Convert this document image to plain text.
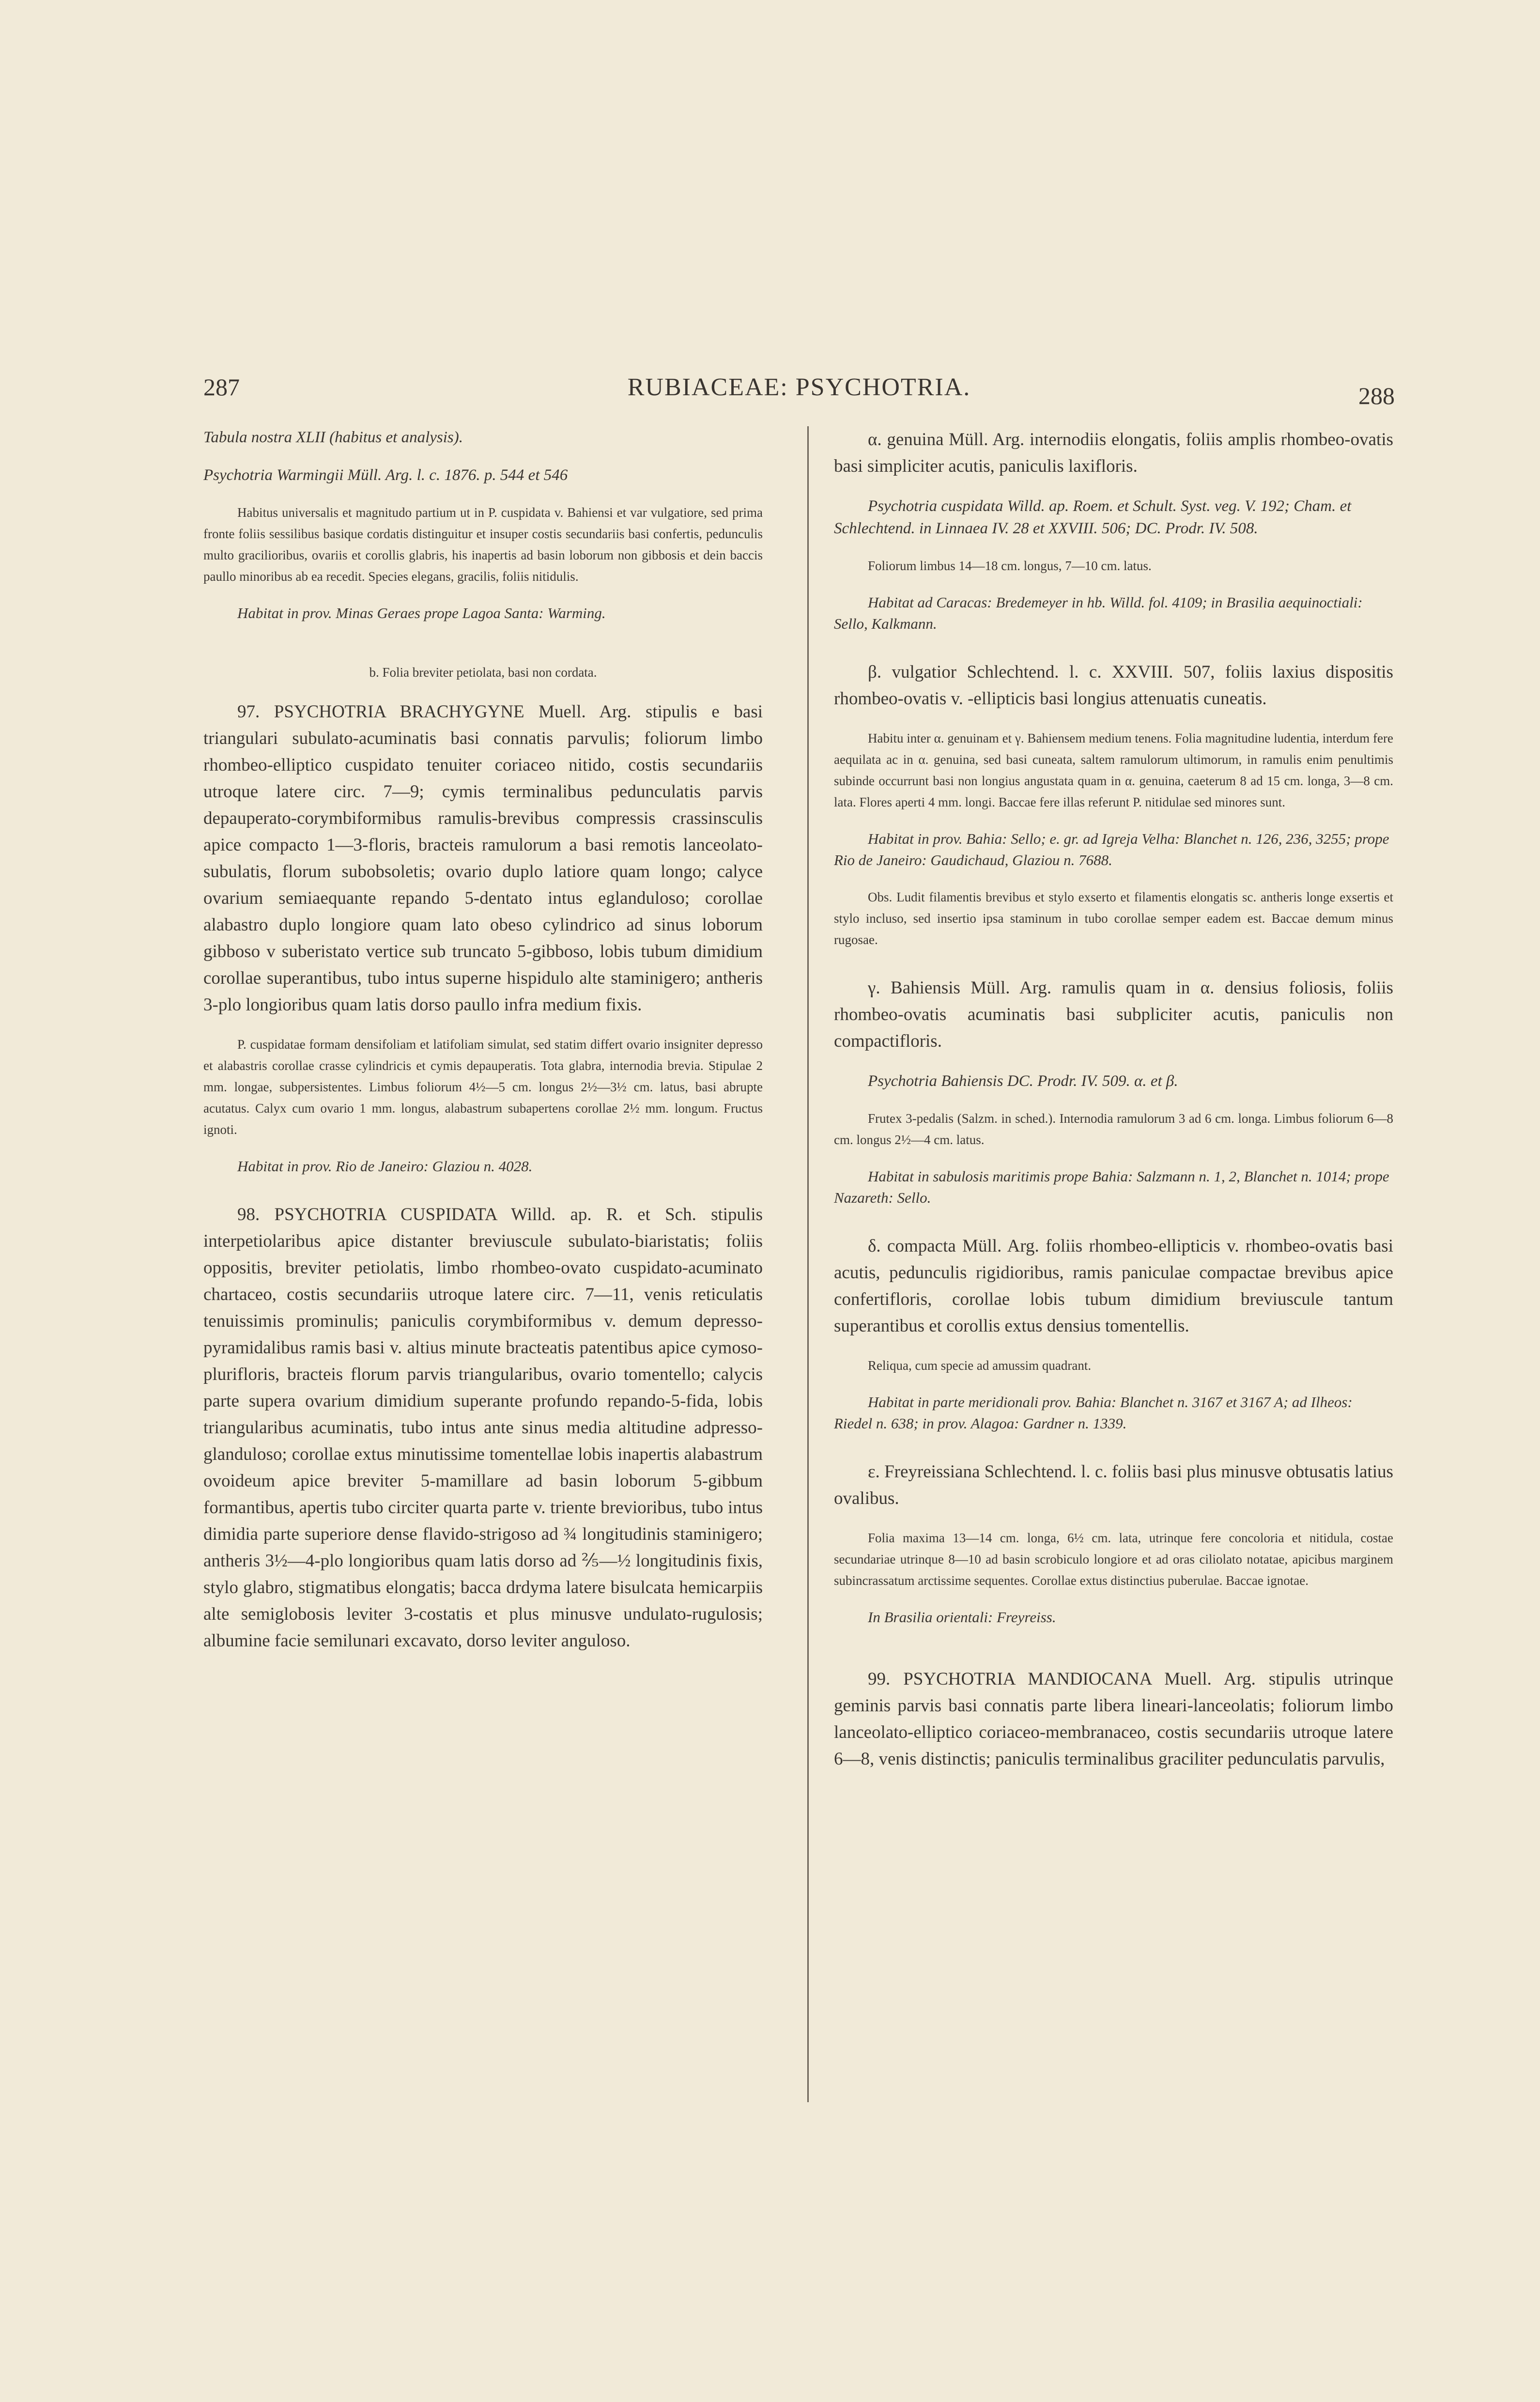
287	RUBIACEAE: PSYCHOTRIA.	288

Tabula nostra XLII (habitus et analysis).

Psychotria Warmingii Müll. Arg. l. c. 1876. p. 544 et 546

Habitus universalis et magnitudo partium ut in P. cuspidata v. Bahiensi et var vulgatiore, sed prima fronte foliis sessilibus basique cordatis distinguitur et insuper costis secundariis basi confertis, pedunculis multo gracilioribus, ovariis et corollis glabris, his inapertis ad basin loborum non gibbosis et dein baccis paullo minoribus ab ea recedit. Species elegans, gracilis, foliis nitidulis.

Habitat in prov. Minas Geraes prope Lagoa Santa: Warming.

b. Folia breviter petiolata, basi non cordata.

97. PSYCHOTRIA BRACHYGYNE Muell. Arg. stipulis e basi triangulari subulato-acuminatis basi connatis parvulis; foliorum limbo rhombeo-elliptico cuspidato tenuiter coriaceo nitido, costis secundariis utroque latere circ. 7—9; cymis terminalibus pedunculatis parvis depauperato-corymbiformibus ramulis-brevibus compressis crassinsculis apice compacto 1—3-floris, bracteis ramulorum a basi remotis lanceolato-subulatis, florum subobsoletis; ovario duplo latiore quam longo; calyce ovarium semiaequante repando 5-dentato intus eglanduloso; corollae alabastro duplo longiore quam lato obeso cylindrico ad sinus loborum gibboso v suberistato vertice sub truncato 5-gibboso, lobis tubum dimidium corollae superantibus, tubo intus superne hispidulo alte staminigero; antheris 3-plo longioribus quam latis dorso paullo infra medium fixis.

P. cuspidatae formam densifoliam et latifoliam simulat, sed statim differt ovario insigniter depresso et alabastris corollae crasse cylindricis et cymis depauperatis. Tota glabra, internodia brevia. Stipulae 2 mm. longae, subpersistentes. Limbus foliorum 4½—5 cm. longus 2½—3½ cm. latus, basi abrupte acutatus. Calyx cum ovario 1 mm. longus, alabastrum subapertens corollae 2½ mm. longum. Fructus ignoti.

Habitat in prov. Rio de Janeiro: Glaziou n. 4028.

98. PSYCHOTRIA CUSPIDATA Willd. ap. R. et Sch. stipulis interpetiolaribus apice distanter breviuscule subulato-biaristatis; foliis oppositis, breviter petiolatis, limbo rhombeo-ovato cuspidato-acuminato chartaceo, costis secundariis utroque latere circ. 7—11, venis reticulatis tenuissimis prominulis; paniculis corymbiformibus v. demum depresso-pyramidalibus ramis basi v. altius minute bracteatis patentibus apice cymoso-plurifloris, bracteis florum parvis triangularibus, ovario tomentello; calycis parte supera ovarium dimidium superante profundo repando-5-fida, lobis triangularibus acuminatis, tubo intus ante sinus media altitudine adpresso-glanduloso; corollae extus minutissime tomentellae lobis inapertis alabastrum ovoideum apice breviter 5-mamillare ad basin loborum 5-gibbum formantibus, apertis tubo circiter quarta parte v. triente brevioribus, tubo intus dimidia parte superiore dense flavido-strigoso ad ¾ longitudinis staminigero; antheris 3½—4-plo longioribus quam latis dorso ad ⅖—½ longitudinis fixis, stylo glabro, stigmatibus elongatis; bacca drdyma latere bisulcata hemicarpiis alte semiglobosis leviter 3-costatis et plus minusve undulato-rugulosis; albumine facie semilunari excavato, dorso leviter anguloso.

α. genuina Müll. Arg. internodiis elongatis, foliis amplis rhombeo-ovatis basi simpliciter acutis, paniculis laxifloris.

Psychotria cuspidata Willd. ap. Roem. et Schult. Syst. veg. V. 192; Cham. et Schlechtend. in Linnaea IV. 28 et XXVIII. 506; DC. Prodr. IV. 508.

Foliorum limbus 14—18 cm. longus, 7—10 cm. latus.

Habitat ad Caracas: Bredemeyer in hb. Willd. fol. 4109; in Brasilia aequinoctiali: Sello, Kalkmann.

β. vulgatior Schlechtend. l. c. XXVIII. 507, foliis laxius dispositis rhombeo-ovatis v. -ellipticis basi longius attenuatis cuneatis.

Habitu inter α. genuinam et γ. Bahiensem medium tenens. Folia magnitudine ludentia, interdum fere aequilata ac in α. genuina, sed basi cuneata, saltem ramulorum ultimorum, in ramulis enim penultimis subinde occurrunt basi non longius angustata quam in α. genuina, caeterum 8 ad 15 cm. longa, 3—8 cm. lata. Flores aperti 4 mm. longi. Baccae fere illas referunt P. nitidulae sed minores sunt.

Habitat in prov. Bahia: Sello; e. gr. ad Igreja Velha: Blanchet n. 126, 236, 3255; prope Rio de Janeiro: Gaudichaud, Glaziou n. 7688.

Obs. Ludit filamentis brevibus et stylo exserto et filamentis elongatis sc. antheris longe exsertis et stylo incluso, sed insertio ipsa staminum in tubo corollae semper eadem est. Baccae demum minus rugosae.

γ. Bahiensis Müll. Arg. ramulis quam in α. densius foliosis, foliis rhombeo-ovatis acuminatis basi subpliciter acutis, paniculis non compactifloris.

Psychotria Bahiensis DC. Prodr. IV. 509. α. et β.

Frutex 3-pedalis (Salzm. in sched.). Internodia ramulorum 3 ad 6 cm. longa. Limbus foliorum 6—8 cm. longus 2½—4 cm. latus.

Habitat in sabulosis maritimis prope Bahia: Salzmann n. 1, 2, Blanchet n. 1014; prope Nazareth: Sello.

δ. compacta Müll. Arg. foliis rhombeo-ellipticis v. rhombeo-ovatis basi acutis, pedunculis rigidioribus, ramis paniculae compactae brevibus apice confertifloris, corollae lobis tubum dimidium breviuscule tantum superantibus et corollis extus densius tomentellis.

Reliqua, cum specie ad amussim quadrant.

Habitat in parte meridionali prov. Bahia: Blanchet n. 3167 et 3167 A; ad Ilheos: Riedel n. 638; in prov. Alagoa: Gardner n. 1339.

ε. Freyreissiana Schlechtend. l. c. foliis basi plus minusve obtusatis latius ovalibus.

Folia maxima 13—14 cm. longa, 6½ cm. lata, utrinque fere concoloria et nitidula, costae secundariae utrinque 8—10 ad basin scrobiculo longiore et ad oras ciliolato notatae, apicibus marginem subincrassatum arctissime sequentes. Corollae extus distinctius puberulae. Baccae ignotae.

In Brasilia orientali: Freyreiss.

99. PSYCHOTRIA MANDIOCANA Muell. Arg. stipulis utrinque geminis parvis basi connatis parte libera lineari-lanceolatis; foliorum limbo lanceolato-elliptico coriaceo-membranaceo, costis secundariis utroque latere 6—8, venis distinctis; paniculis terminalibus graciliter pedunculatis parvulis,
